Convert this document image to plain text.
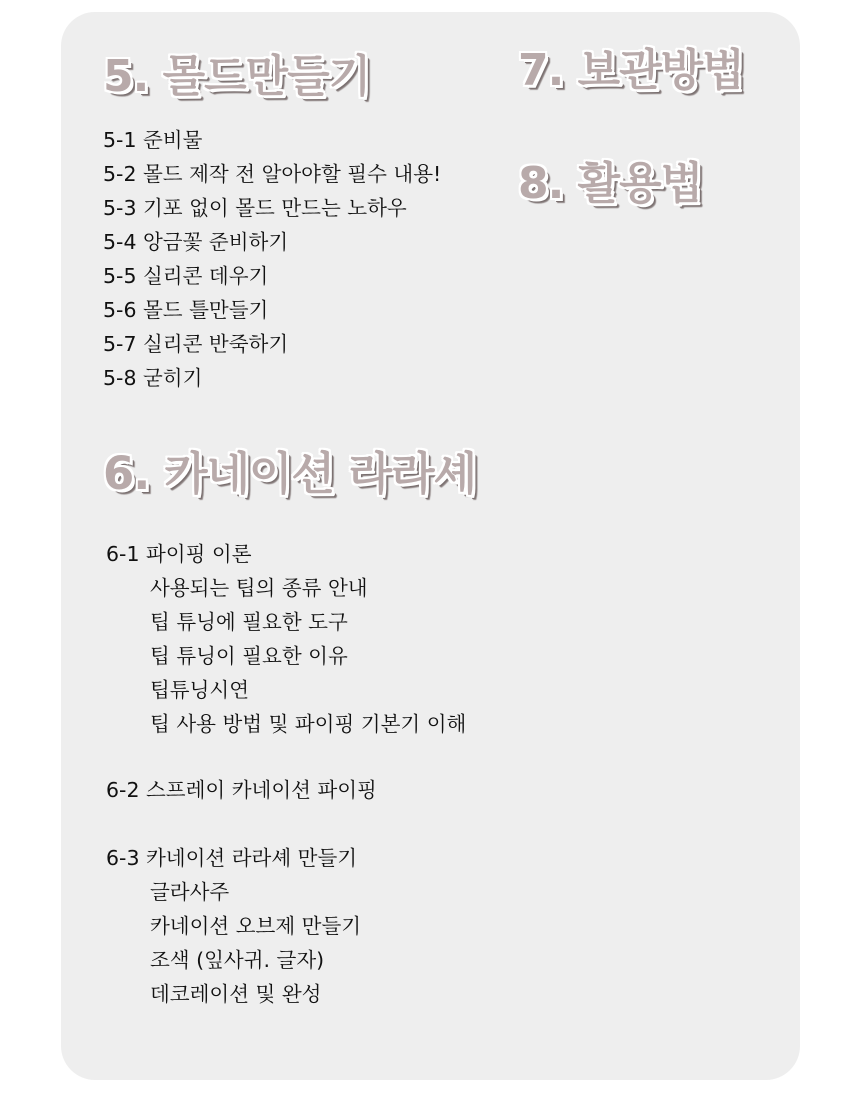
5. 몰드만들기
5-1 준비물
5-2 몰드 제작 전 알아야할 필수 내용!
5-3 기포 없이 몰드 만드는 노하우
5-4 앙금꽃 준비하기
5-5 실리콘 데우기
5-6 몰드 틀만들기
5-7 실리콘 반죽하기
5-8 굳히기
6. 카네이션 라라셰
6-1 파이핑 이론
사용되는 팁의 종류 안내
팁 튜닝에 필요한 도구
팁 튜닝이 필요한 이유
팁튜닝시연
팁 사용 방법 및 파이핑 기본기 이해
6-2 스프레이 카네이션 파이핑
6-3 카네이션 라라셰 만들기
글라사주
카네이션 오브제 만들기
조색 (잎사귀. 글자)
데코레이션 및 완성
7. 보관방법
8. 활용법
